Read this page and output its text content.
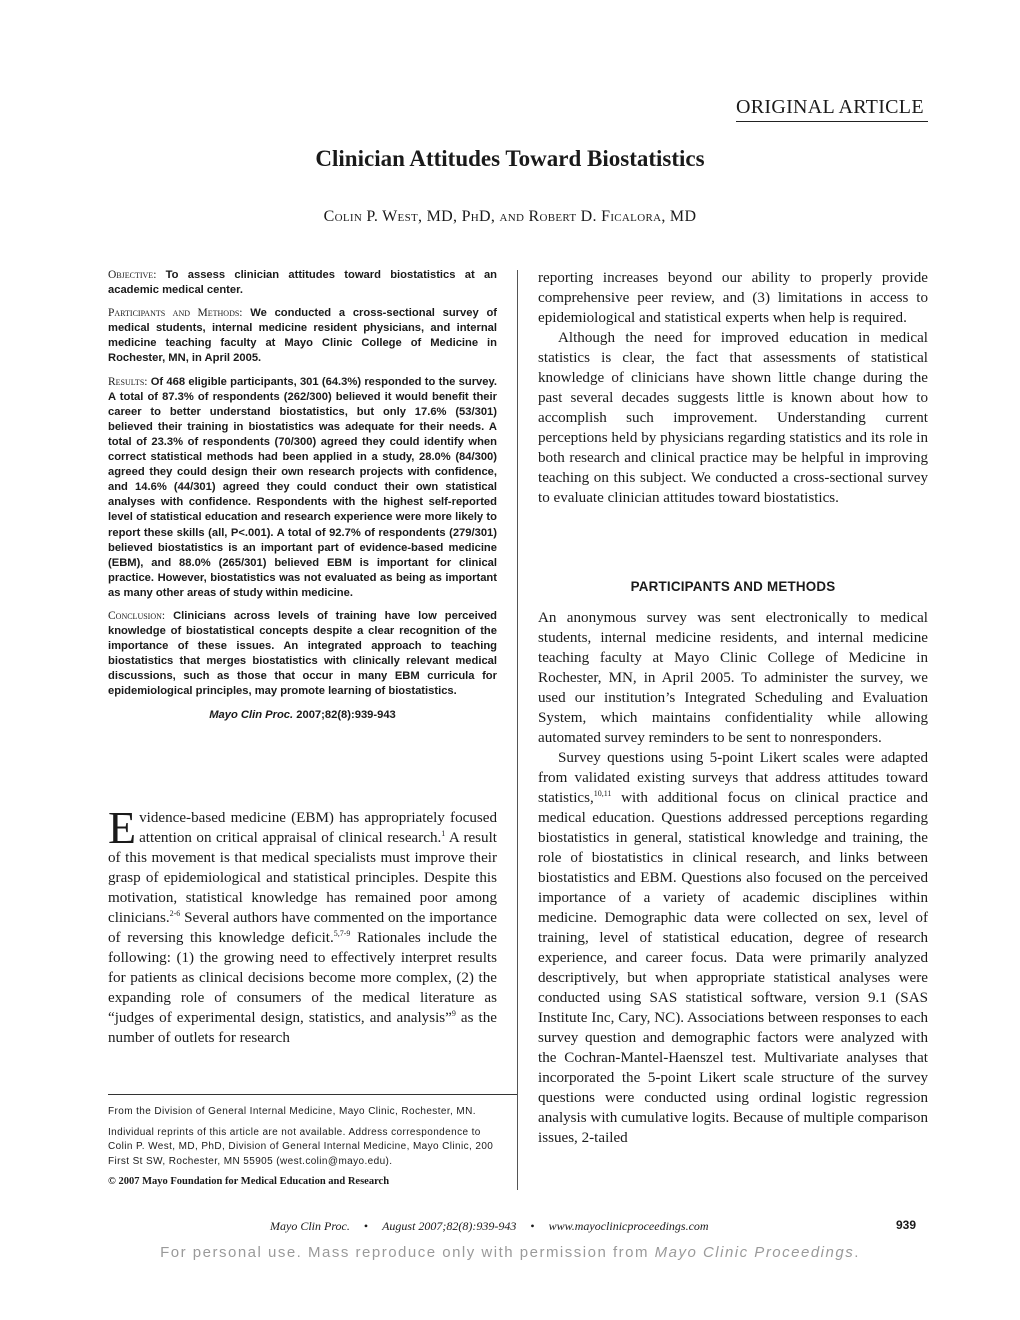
ORIGINAL ARTICLE
Clinician Attitudes Toward Biostatistics
Colin P. West, MD, PhD, and Robert D. Ficalora, MD

Objective: To assess clinician attitudes toward biostatistics at an academic medical center.

Participants and Methods: We conducted a cross-sectional survey of medical students, internal medicine resident physicians, and internal medicine teaching faculty at Mayo Clinic College of Medicine in Rochester, MN, in April 2005.

Results: Of 468 eligible participants, 301 (64.3%) responded to the survey. A total of 87.3% of respondents (262/300) believed it would benefit their career to better understand biostatistics, but only 17.6% (53/301) believed their training in biostatistics was adequate for their needs. A total of 23.3% of respondents (70/300) agreed they could identify when correct statistical methods had been applied in a study, 28.0% (84/300) agreed they could design their own research projects with confidence, and 14.6% (44/301) agreed they could conduct their own statistical analyses with confidence. Respondents with the highest self-reported level of statistical education and research experience were more likely to report these skills (all, P<.001). A total of 92.7% of respondents (279/301) believed biostatistics is an important part of evidence-based medicine (EBM), and 88.0% (265/301) believed EBM is important for clinical practice. However, biostatistics was not evaluated as being as important as many other areas of study within medicine.

Conclusion: Clinicians across levels of training have low perceived knowledge of biostatistical concepts despite a clear recognition of the importance of these issues. An integrated approach to teaching biostatistics that merges biostatistics with clinically relevant medical discussions, such as those that occur in many EBM curricula for epidemiological principles, may promote learning of biostatistics.

Mayo Clin Proc. 2007;82(8):939-943

Evidence-based medicine (EBM) has appropriately focused attention on critical appraisal of clinical research.$^1$ A result of this movement is that medical specialists must improve their grasp of epidemiological and statistical principles. Despite this motivation, statistical knowledge has remained poor among clinicians.$^{2-6}$ Several authors have commented on the importance of reversing this knowledge deficit.$^{5,7-9}$ Rationales include the following: (1) the growing need to effectively interpret results for patients as clinical decisions become more complex, (2) the expanding role of consumers of the medical literature as “judges of experimental design, statistics, and analysis”$^9$ as the number of outlets for research

From the Division of General Internal Medicine, Mayo Clinic, Rochester, MN.

Individual reprints of this article are not available. Address correspondence to Colin P. West, MD, PhD, Division of General Internal Medicine, Mayo Clinic, 200 First St SW, Rochester, MN 55905 (west.colin@mayo.edu).

© 2007 Mayo Foundation for Medical Education and Research

reporting increases beyond our ability to properly provide comprehensive peer review, and (3) limitations in access to epidemiological and statistical experts when help is required.

Although the need for improved education in medical statistics is clear, the fact that assessments of statistical knowledge of clinicians have shown little change during the past several decades suggests little is known about how to accomplish such improvement. Understanding current perceptions held by physicians regarding statistics and its role in both research and clinical practice may be helpful in improving teaching on this subject. We conducted a cross-sectional survey to evaluate clinician attitudes toward biostatistics.

PARTICIPANTS AND METHODS

An anonymous survey was sent electronically to medical students, internal medicine residents, and internal medicine teaching faculty at Mayo Clinic College of Medicine in Rochester, MN, in April 2005. To administer the survey, we used our institution’s Integrated Scheduling and Evaluation System, which maintains confidentiality while allowing automated survey reminders to be sent to nonresponders.

Survey questions using 5-point Likert scales were adapted from validated existing surveys that address attitudes toward statistics,$^{10,11}$ with additional focus on clinical practice and medical education. Questions addressed perceptions regarding biostatistics in general, statistical knowledge and training, the role of biostatistics in clinical research, and links between biostatistics and EBM. Questions also focused on the perceived importance of a variety of academic disciplines within medicine. Demographic data were collected on sex, level of training, level of statistical education, degree of research experience, and career focus. Data were primarily analyzed descriptively, but when appropriate statistical analyses were conducted using SAS statistical software, version 9.1 (SAS Institute Inc, Cary, NC). Associations between responses to each survey question and demographic factors were analyzed with the Cochran-Mantel-Haenszel test. Multivariate analyses that incorporated the 5-point Likert scale structure of the survey questions were conducted using ordinal logistic regression analysis with cumulative logits. Because of multiple comparison issues, 2-tailed

Mayo Clin Proc. • August 2007;82(8):939-943 • www.mayoclinicproceedings.com	939
For personal use. Mass reproduce only with permission from Mayo Clinic Proceedings.
